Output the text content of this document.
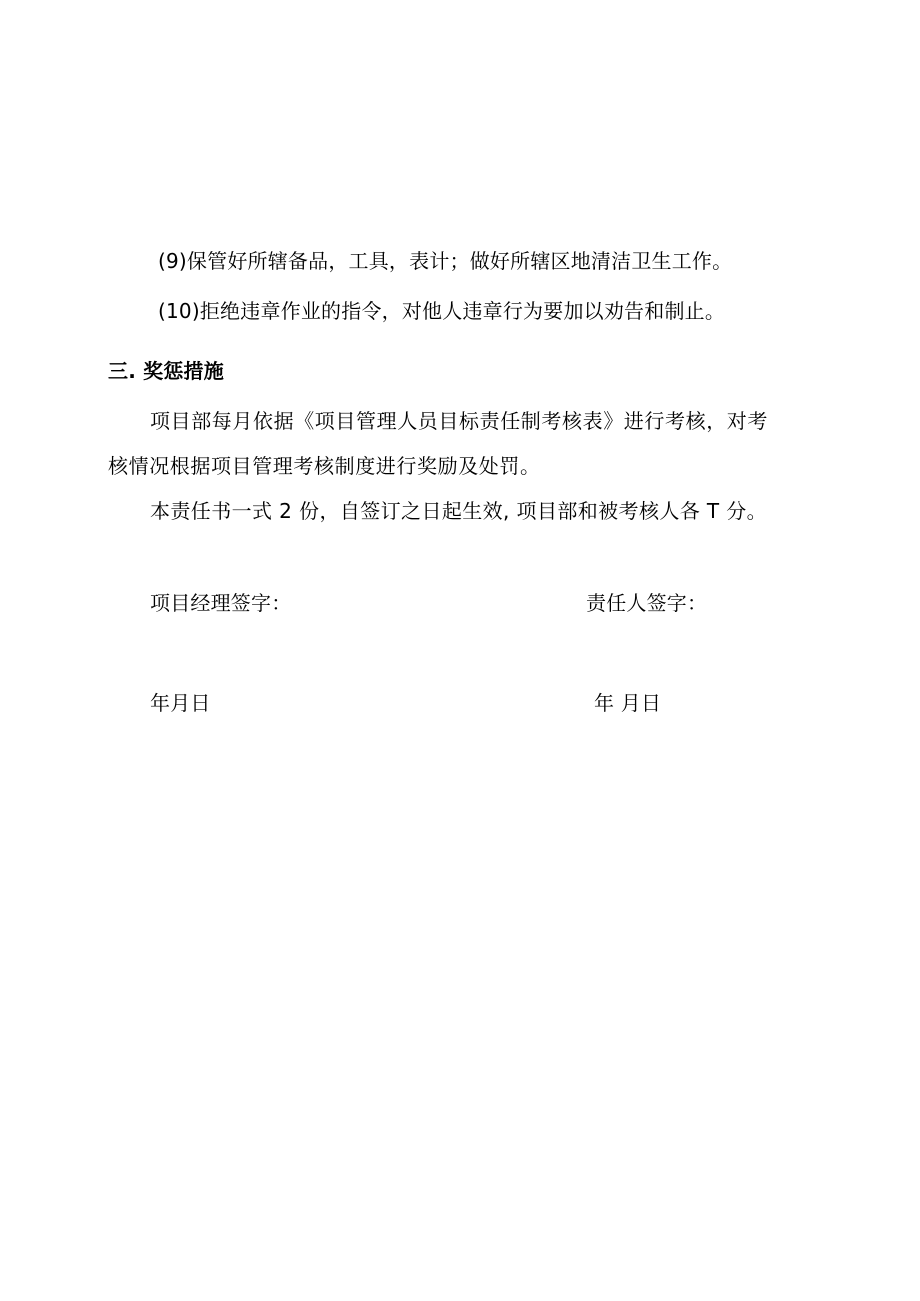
(9)保管好所辖备品，工具，表计；做好所辖区地清洁卫生工作。
(10)拒绝违章作业的指令，对他人违章行为要加以劝告和制止。
三. 奖惩措施
项目部每月依据《项目管理人员目标责任制考核表》进行考核，对考
核情况根据项目管理考核制度进行奖励及处罚。
本责任书一式 2 份，自签订之日起生效, 项目部和被考核人各 T 分。
项目经理签字：	责任人签字：
年月日	年 月日
